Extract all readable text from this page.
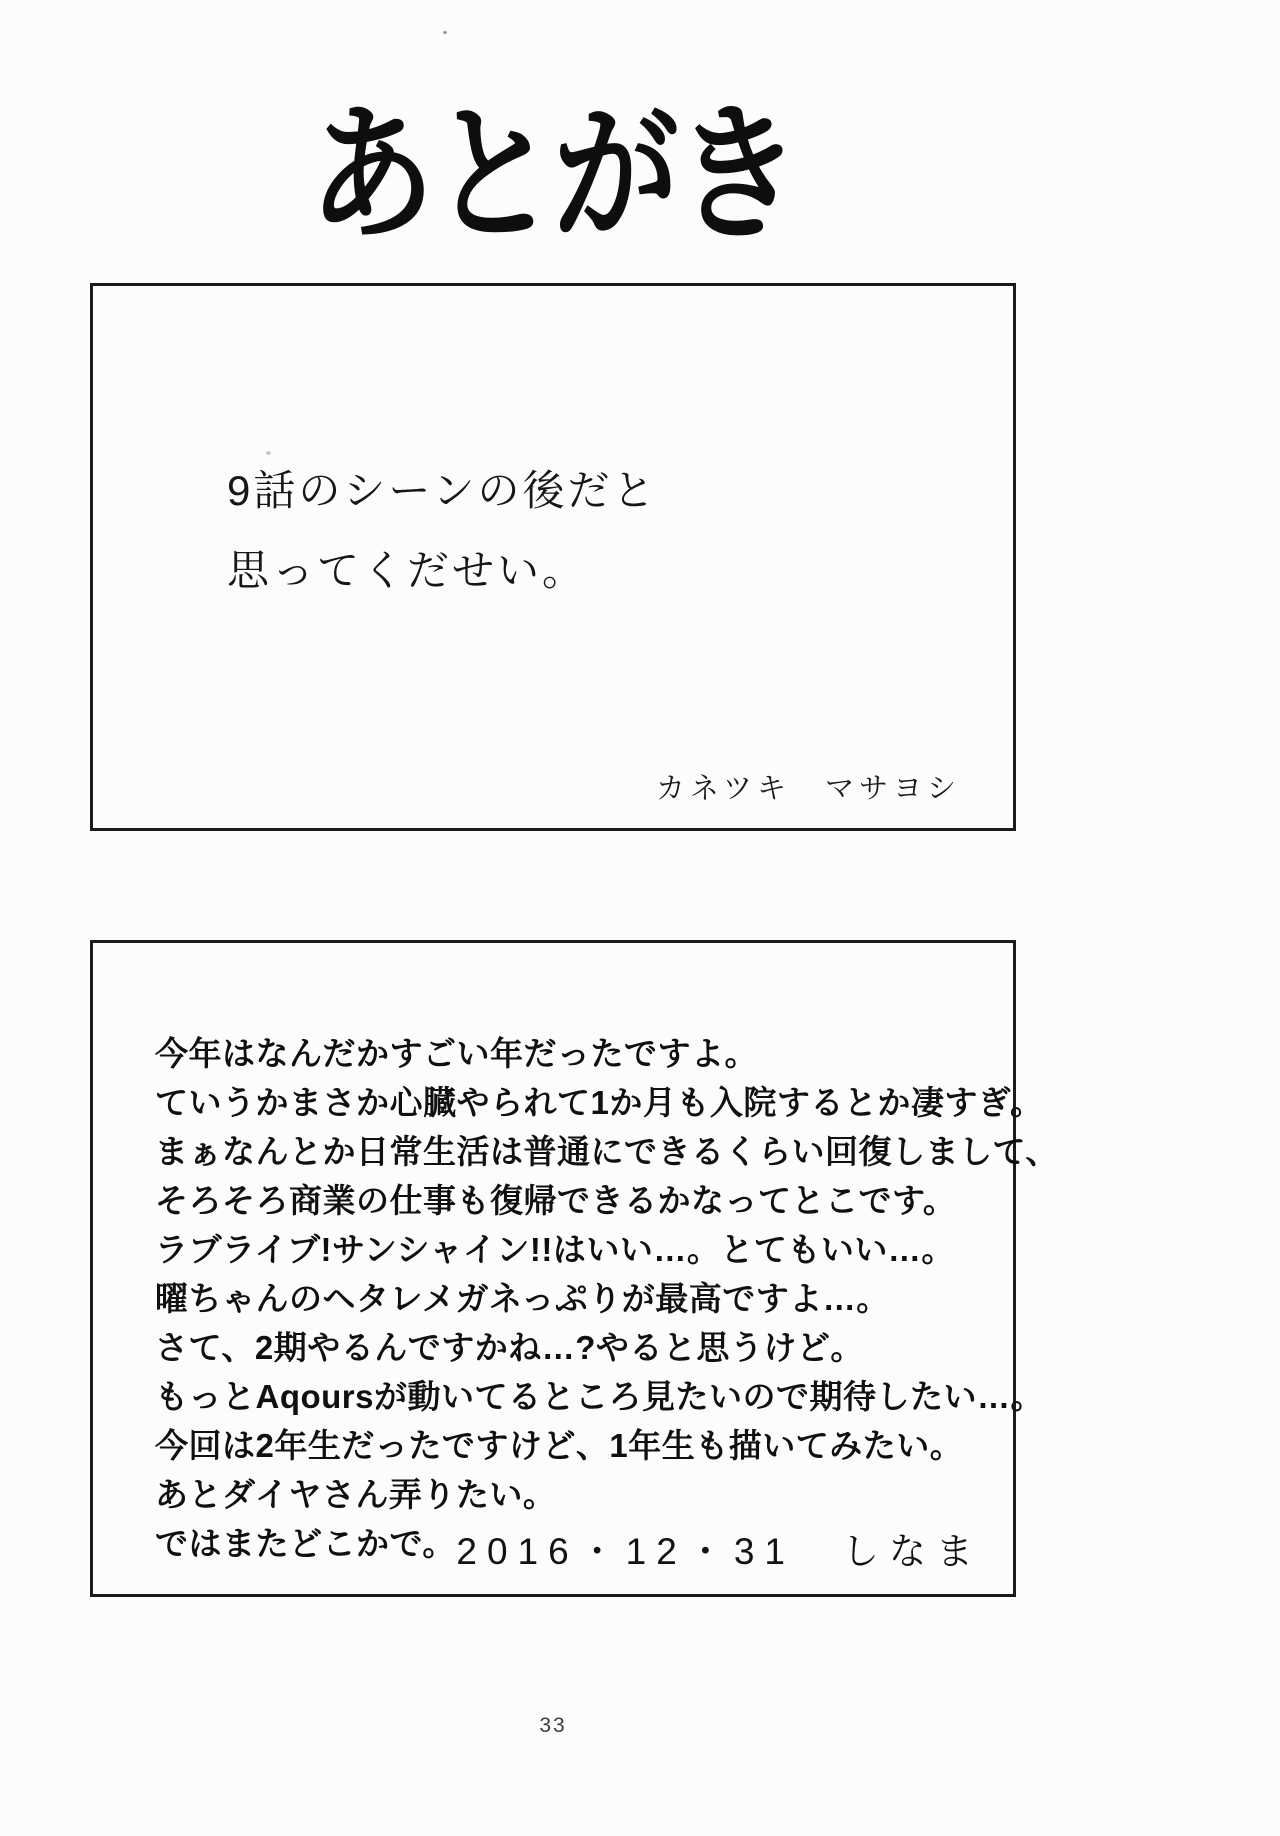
あとがき

9話のシーンの後だと

思ってくだせい。

カネツキ　マサヨシ

今年はなんだかすごい年だったですよ。

ていうかまさか心臓やられて1か月も入院するとか凄すぎ。

まぁなんとか日常生活は普通にできるくらい回復しまして、

そろそろ商業の仕事も復帰できるかなってとこです。

ラブライブ!サンシャイン!!はいい…。とてもいい…。

曜ちゃんのヘタレメガネっぷりが最高ですよ…。

さて、2期やるんですかね…?やると思うけど。

もっとAqoursが動いてるところ見たいので期待したい…。

今回は2年生だったですけど、1年生も描いてみたい。

あとダイヤさん弄りたい。

ではまたどこかで。 2016・12・31　しなま

33
